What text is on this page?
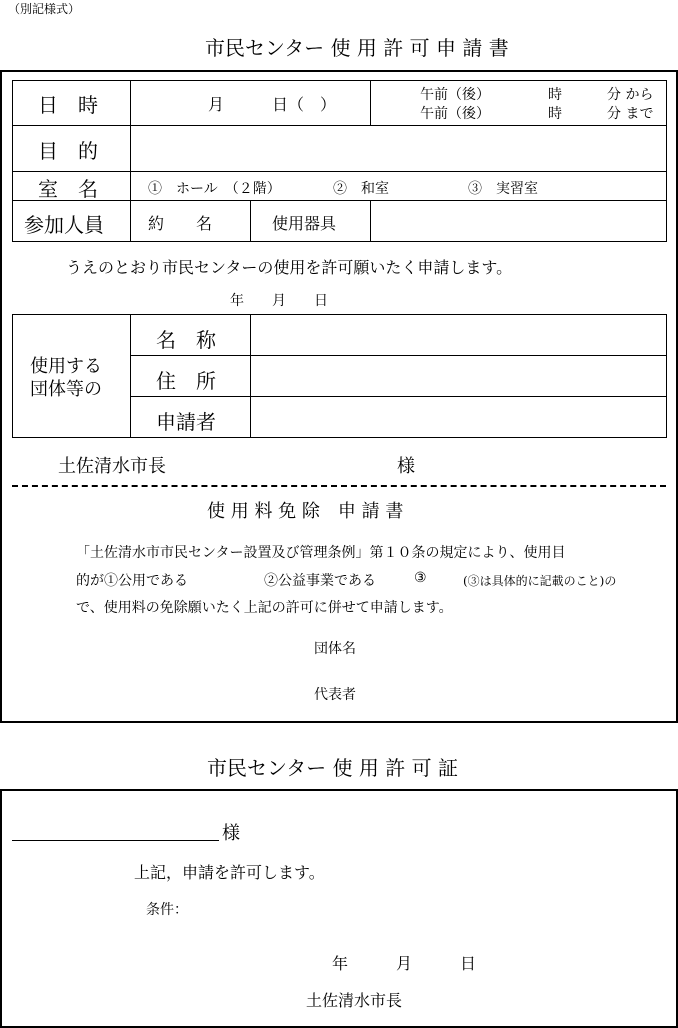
（別記様式）
市民センター 使 用 許 可 申 請 書
日　時	月　　　日（　）	午前（後）	時	分 から
午前（後）	時	分 まで
目　的
室　名	①　ホール　（２階）	②　和室	③　実習室
参加人員	約　　名	使用器具
うえのとおり市民センターの使用を許可願いたく申請します。
年　　月　　日
使用する
団体等の
名　称
住　所
申請者
土佐清水市長	様
使 用 料 免 除　申 請 書
「土佐清水市市民センター設置及び管理条例」第１０条の規定により、使用目
的が①公用である	②公益事業である	③	(③は具体的に記載のこと)の
で、使用料の免除願いたく上記の許可に併せて申請します。
団体名
代表者
市民センター 使 用 許 可 証
様
上記，申請を許可します。
条件：
年　　　月　　　日
土佐清水市長
